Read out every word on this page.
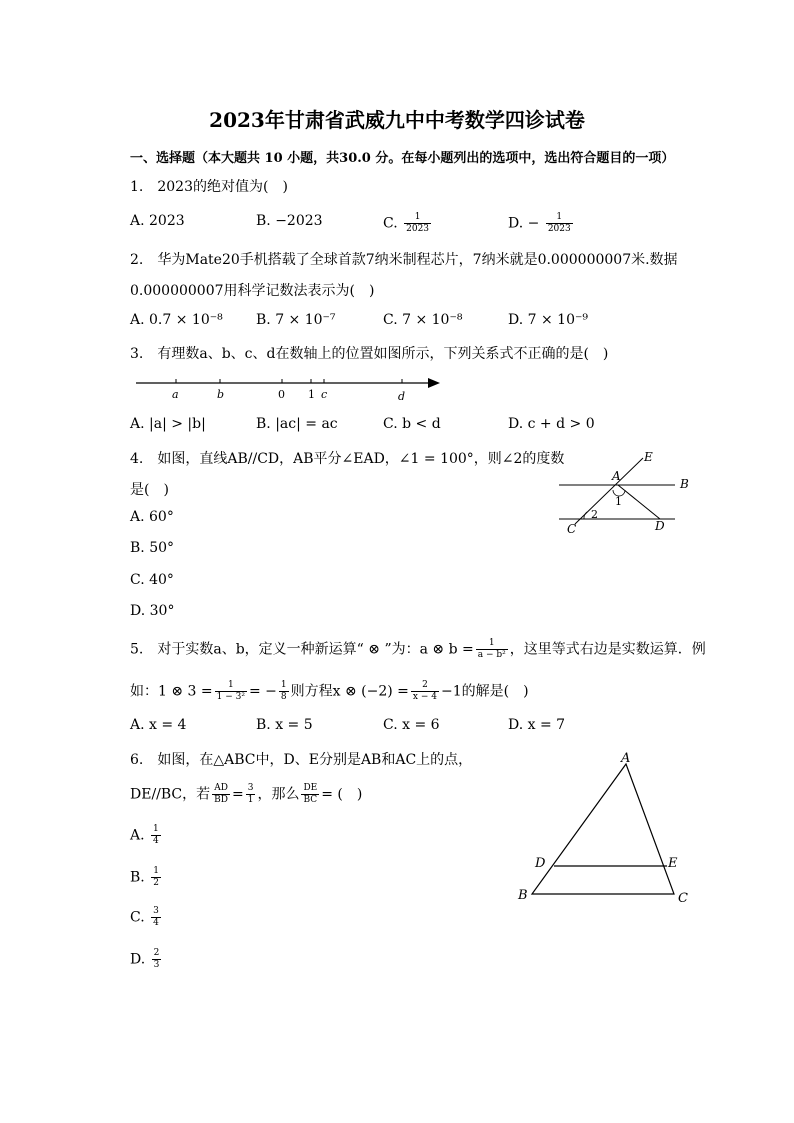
2023年甘肃省武威九中中考数学四诊试卷
一、选择题（本大题共 10 小题，共30.0 分。在每小题列出的选项中，选出符合题目的一项）
1.　2023的绝对值为(　)
A. 2023	B. −2023	C. $\frac{1}{2023}$	D. − $\frac{1}{2023}$
2.　华为Mate20手机搭载了全球首款7纳米制程芯片，7纳米就是0.000000007米.数据
0.000000007用科学记数法表示为(　)
A. 0.7 × 10⁻⁸ B. 7 × 10⁻⁷	C. 7 × 10⁻⁸	D. 7 × 10⁻⁹
3.　有理数a、b、c、d在数轴上的位置如图所示，下列关系式不正确的是(　)
a	b	0 1 c	d
A. |a| > |b|	B. |ac| = ac	C. b < d	D. c + d > 0
4.　如图，直线AB//CD，AB平分∠EAD，∠1 = 100°，则∠2的度数
是(　)
A. 60°
B. 50°
C. 40°
D. 30°
E
A
B
1
2
C	D
5.　对于实数a、b，定义一种新运算“ ⊗ ”为：a ⊗ $b = \frac{1}{\text{a − b²}}$ ，这里等式右边是实数运算．例
如：1 ⊗ $3 = \frac{1}{\text{1 − 3²}}$ = − $\frac{1}{8}$ 则方程x ⊗ $(-2) = \frac{2}{x - 4} -1$的解是(　)
A. x = 4	B. x = 5	C. x = 6	D. x = 7
6.　如图，在△ABC中，D、E分别是AB和AC上的点，
DE//BC，若 $\frac{AD}{BD} = \frac{3}{1}$ ，那么 $\frac{DE}{BC}$ = (　)
A. $\frac{1}{4}$
B. $\frac{1}{2}$
C. $\frac{3}{4}$
D. $\frac{2}{3}$
A
D	E
B	C
